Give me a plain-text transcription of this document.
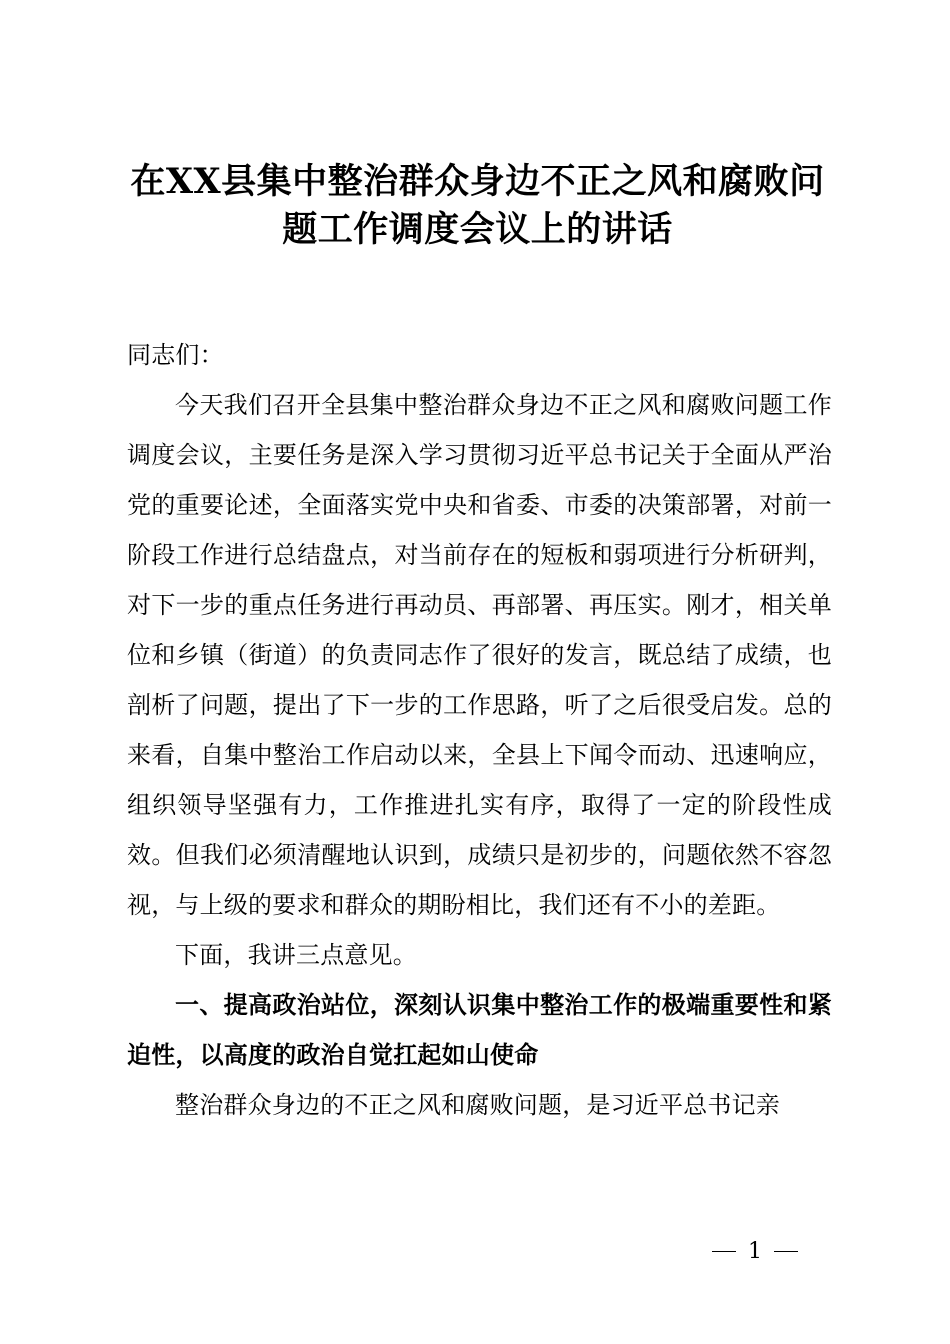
在XX县集中整治群众身边不正之风和腐败问
题工作调度会议上的讲话

同志们：

今天我们召开全县集中整治群众身边不正之风和腐败问题工作调度会议，主要任务是深入学习贯彻习近平总书记关于全面从严治党的重要论述，全面落实党中央和省委、市委的决策部署，对前一阶段工作进行总结盘点，对当前存在的短板和弱项进行分析研判，对下一步的重点任务进行再动员、再部署、再压实。刚才，相关单位和乡镇（街道）的负责同志作了很好的发言，既总结了成绩，也剖析了问题，提出了下一步的工作思路，听了之后很受启发。总的来看，自集中整治工作启动以来，全县上下闻令而动、迅速响应，组织领导坚强有力，工作推进扎实有序，取得了一定的阶段性成效。但我们必须清醒地认识到，成绩只是初步的，问题依然不容忽视，与上级的要求和群众的期盼相比，我们还有不小的差距。

下面，我讲三点意见。

一、提高政治站位，深刻认识集中整治工作的极端重要性和紧迫性，以高度的政治自觉扛起如山使命

整治群众身边的不正之风和腐败问题，是习近平总书记亲

1
